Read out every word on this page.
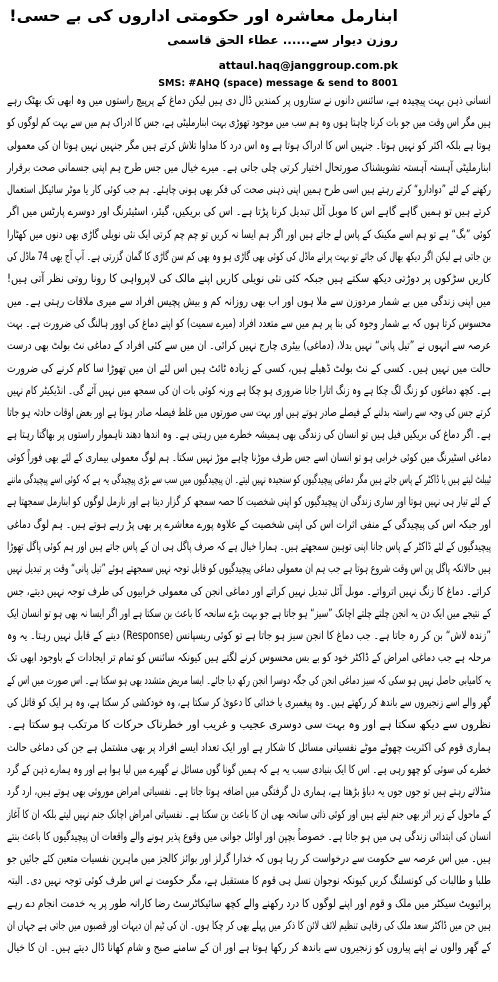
ابنارمل معاشرہ اور حکومتی اداروں کی بے حسی!
روزن دیوار سے...... عطاء الحق قاسمی
attaul.haq@janggroup.com.pk
SMS: #AHQ (space) message & send to 8001
انسانی ذہن بہت پیچیدہ ہے، سائنس دانوں نے ستاروں پر کمندیں ڈال دی ہیں لیکن دماغ کے پرپیچ راستوں میں وہ ابھی تک بھٹک رہے
ہیں مگر اس وقت میں جو بات کرنا چاہتا ہوں وہ ہم سب میں موجود تھوڑی بہت ابنارملیٹی ہے، جس کا ادراک ہم میں سے بہت کم لوگوں کو
ہوتا ہے بلکہ اکثر کو نہیں ہوتا۔ جنہیں اس کا ادراک ہوتا ہے وہ اس درد کا مداوا تلاش کرتے ہیں مگر جنہیں نہیں ہوتا ان کی معمولی
ابنارملیٹی آہستہ آہستہ تشویشناک صورتحال اختیار کرتی چلی جاتی ہے۔ میرے خیال میں جس طرح ہم اپنی جسمانی صحت برقرار
رکھنے کے لئے ”دوادارو“ کرتے رہتے ہیں اسی طرح ہمیں اپنی ذہنی صحت کی فکر بھی ہونی چاہئے۔ ہم جب کوئی کار یا موٹر سائیکل استعمال
کرتے ہیں تو ہمیں گاہے گاہے اس کا موبل آئل تبدیل کرنا پڑتا ہے۔ اس کی بریکیں، گیئر، اسٹیئرنگ اور دوسرے پارٹس میں اگر
کوئی ”بگ“ ہے تو ہم اسے مکینک کے پاس لے جاتے ہیں اور اگر ہم ایسا نہ کریں تو چم چم کرتی ایک نئی نویلی گاڑی بھی دنوں میں کھٹارا
بن جاتی ہے لیکن اگر دیکھ بھال کی جائے تو بہت پرانے ماڈل کی کوئی بھی گاڑی ہو وہ بھی کم سن گاڑی کا گمان گزرتی ہے۔ آپ آج بھی 74 ماڈل کی
کاریں سڑکوں پر دوڑتی دیکھ سکتے ہیں جبکہ کئی نئی نویلی کاریں اپنے مالک کی لاپرواہی کا رونا روتی نظر آتی ہیں!
میں اپنی زندگی میں بے شمار مردوزن سے ملا ہوں اور اب بھی روزانہ کم و بیش پچیس افراد سے میری ملاقات رہتی ہے۔ میں
محسوس کرتا ہوں کہ بے شمار وجوہ کی بنا پر ہم میں سے متعدد افراد (میرے سمیت) کو اپنے دماغ کی اوور ہالنگ کی ضرورت ہے۔ بہت
عرصہ سے انہوں نے ”تیل پانی“ نہیں بدلا، (دماغی) بیٹری چارج نہیں کرائی۔ ان میں سے کئی افراد کے دماغی نٹ بولٹ بھی درست
حالت میں نہیں ہیں۔ کسی کے نٹ بولٹ ڈھیلے ہیں، کسی کے زیادہ ٹائٹ ہیں اس لئے ان میں تھوڑا سا کام کرنے کی ضرورت
ہے۔ کچھ دماغوں کو زنگ لگ چکا ہے وہ زنگ اتارا جانا ضروری ہو چکا ہے ورنہ کوئی بات ان کی سمجھ میں نہیں آئے گی۔ انڈیکیٹر کام نہیں
کرتے جس کی وجہ سے راستہ بدلنے کے فیصلے صادر ہوتے ہیں اور بہت سی صورتوں میں غلط فیصلہ صادر ہوتا ہے اور بعض اوقات حادثہ ہو جاتا
ہے۔ اگر دماغ کی بریکیں فیل ہیں تو انسان کی زندگی بھی ہمیشہ خطرے میں رہتی ہے۔ وہ اندھا دھند ناہموار راستوں پر بھاگتا رہتا ہے
دماغی اسٹیرنگ میں کوئی خرابی ہو تو انسان اسے جس طرف موڑنا چاہے موڑ نہیں سکتا۔ ہم لوگ معمولی بیماری کے لئے بھی فوراً کوئی
ٹیبلٹ لیتے ہیں یا ڈاکٹر کے پاس جاتے ہیں مگر دماغی پیچیدگیوں کو سنجیدہ نہیں لیتے۔ ان پیچیدگیوں میں سب سے بڑی پیچیدگی یہ ہے کہ کوئی اسے پیچیدگی ماننے
کے لئے تیار ہی نہیں ہوتا اور ساری زندگی ان پیچیدگیوں کو اپنی شخصیت کا حصہ سمجھ کر گزار دیتا ہے اور نارمل لوگوں کو ابنارمل سمجھتا ہے
اور جبکہ اس کی پیچیدگی کے منفی اثرات اس کی اپنی شخصیت کے علاوہ پورے معاشرے پر بھی پڑ رہے ہوتے ہیں۔ ہم لوگ دماغی
پیچیدگیوں کے لئے ڈاکٹر کے پاس جانا اپنی توہین سمجھتے ہیں۔ ہمارا خیال ہے کہ صرف پاگل ہی ان کے پاس جاتے ہیں اور ہم کوئی پاگل تھوڑا
ہیں حالانکہ پاگل پن اس وقت شروع ہوتا ہے جب ہم ان معمولی دماغی پیچیدگیوں کو قابل توجہ نہیں سمجھتے ہوئے ”تیل پانی“ وقت پر تبدیل نہیں
کراتے۔ دماغ کا زنگ نہیں اترواتے۔ موبل آئل تبدیل نہیں کراتے اور دماغی انجن کی معمولی خرابیوں کی طرف توجہ نہیں دیتے، جس
کے نتیجے میں ایک دن یہ انجن چلتے چلتے اچانک ”سیز“ ہو جاتا ہے جو بہت بڑے سانحہ کا باعث بن سکتا ہے اور اگر ایسا نہ بھی ہو تو انسان ایک
”زندہ لاش“ بن کر رہ جاتا ہے۔ جب دماغ کا انجن سیز ہو جاتا ہے تو کوئی ریسپانس (Response) دینے کے قابل نہیں رہتا۔ یہ وہ
مرحلہ ہے جب دماغی امراض کے ڈاکٹر خود کو بے بس محسوس کرنے لگتے ہیں کیونکہ سائنس کو تمام تر ایجادات کے باوجود ابھی تک
یہ کامیابی حاصل نہیں ہو سکی کہ سیز دماغی انجن کی جگہ دوسرا انجن رکھ دیا جائے۔ ایسا مریض متشدد بھی ہو سکتا ہے۔ اس صورت میں اس کے
گھر والے اسے زنجیروں سے باندھ کر رکھتے ہیں۔ وہ پیغمبری یا خدائی کا دعویٰ کر سکتا ہے، وہ خودکشی کر سکتا ہے، وہ ہر ایک کو قاتل کی
نظروں سے دیکھ سکتا ہے اور وہ بہت سی دوسری عجیب و غریب اور خطرناک حرکات کا مرتکب ہو سکتا ہے۔
ہماری قوم کی اکثریت چھوٹے موٹے نفسیاتی مسائل کا شکار ہے اور ایک تعداد ایسے افراد پر بھی مشتمل ہے جن کی دماغی حالت
خطرے کی سوئی کو چھو رہی ہے۔ اس کا ایک بنیادی سبب یہ ہے کہ ہمیں گونا گوں مسائل نے گھیرے میں لیا ہوا ہے اور وہ ہمارے ذہن کے گرد
منڈلاتے رہتے ہیں تو جوں جوں یہ دباؤ بڑھتا ہے، ہماری دل گرفتگی میں اضافہ ہوتا جاتا ہے۔ نفسیاتی امراض موروثی بھی ہوتے ہیں، ارد گرد
کے ماحول کے زیر اثر بھی جنم لیتے ہیں اور کوئی ذاتی سانحہ بھی ان کا باعث بن سکتا ہے۔ نفسیاتی امراض اچانک جنم نہیں لیتے بلکہ ان کا آغاز
انسان کی ابتدائی زندگی ہی میں ہو جاتا ہے۔ خصوصاً بچپن اور اوائل جوانی میں وقوع پذیر ہونے والے واقعات ان پیچیدگیوں کا باعث بنتے
ہیں۔ میں اس عرصہ سے حکومت سے درخواست کر رہا ہوں کہ خدارا گرلز اور بوائز کالجز میں ماہرین نفسیات متعین کئے جائیں جو
طلبا و طالبات کی کونسلنگ کریں کیونکہ نوجوان نسل ہی قوم کا مستقبل ہے، مگر حکومت نے اس طرف کوئی توجہ نہیں دی۔ البتہ
پرائیویٹ سیکٹر میں ملک و قوم اور اپنے لوگوں کا درد رکھنے والے کچھ سائیکاٹرسٹ رضا کارانہ طور پر یہ خدمت انجام دے رہے
ہیں جن میں ڈاکٹر سعد ملک کی رفاہی تنظیم لائف لائن کا ذکر میں پہلے بھی کر چکا ہوں۔ ان کی ٹیم ان دیہات اور قصبوں میں جاتی ہے جہاں ان
کے گھر والوں نے اپنے پیاروں کو زنجیروں سے باندھ کر رکھا ہوتا ہے اور ان کے سامنے صبح و شام کھانا ڈال دیتے ہیں۔ ان کا خیال
